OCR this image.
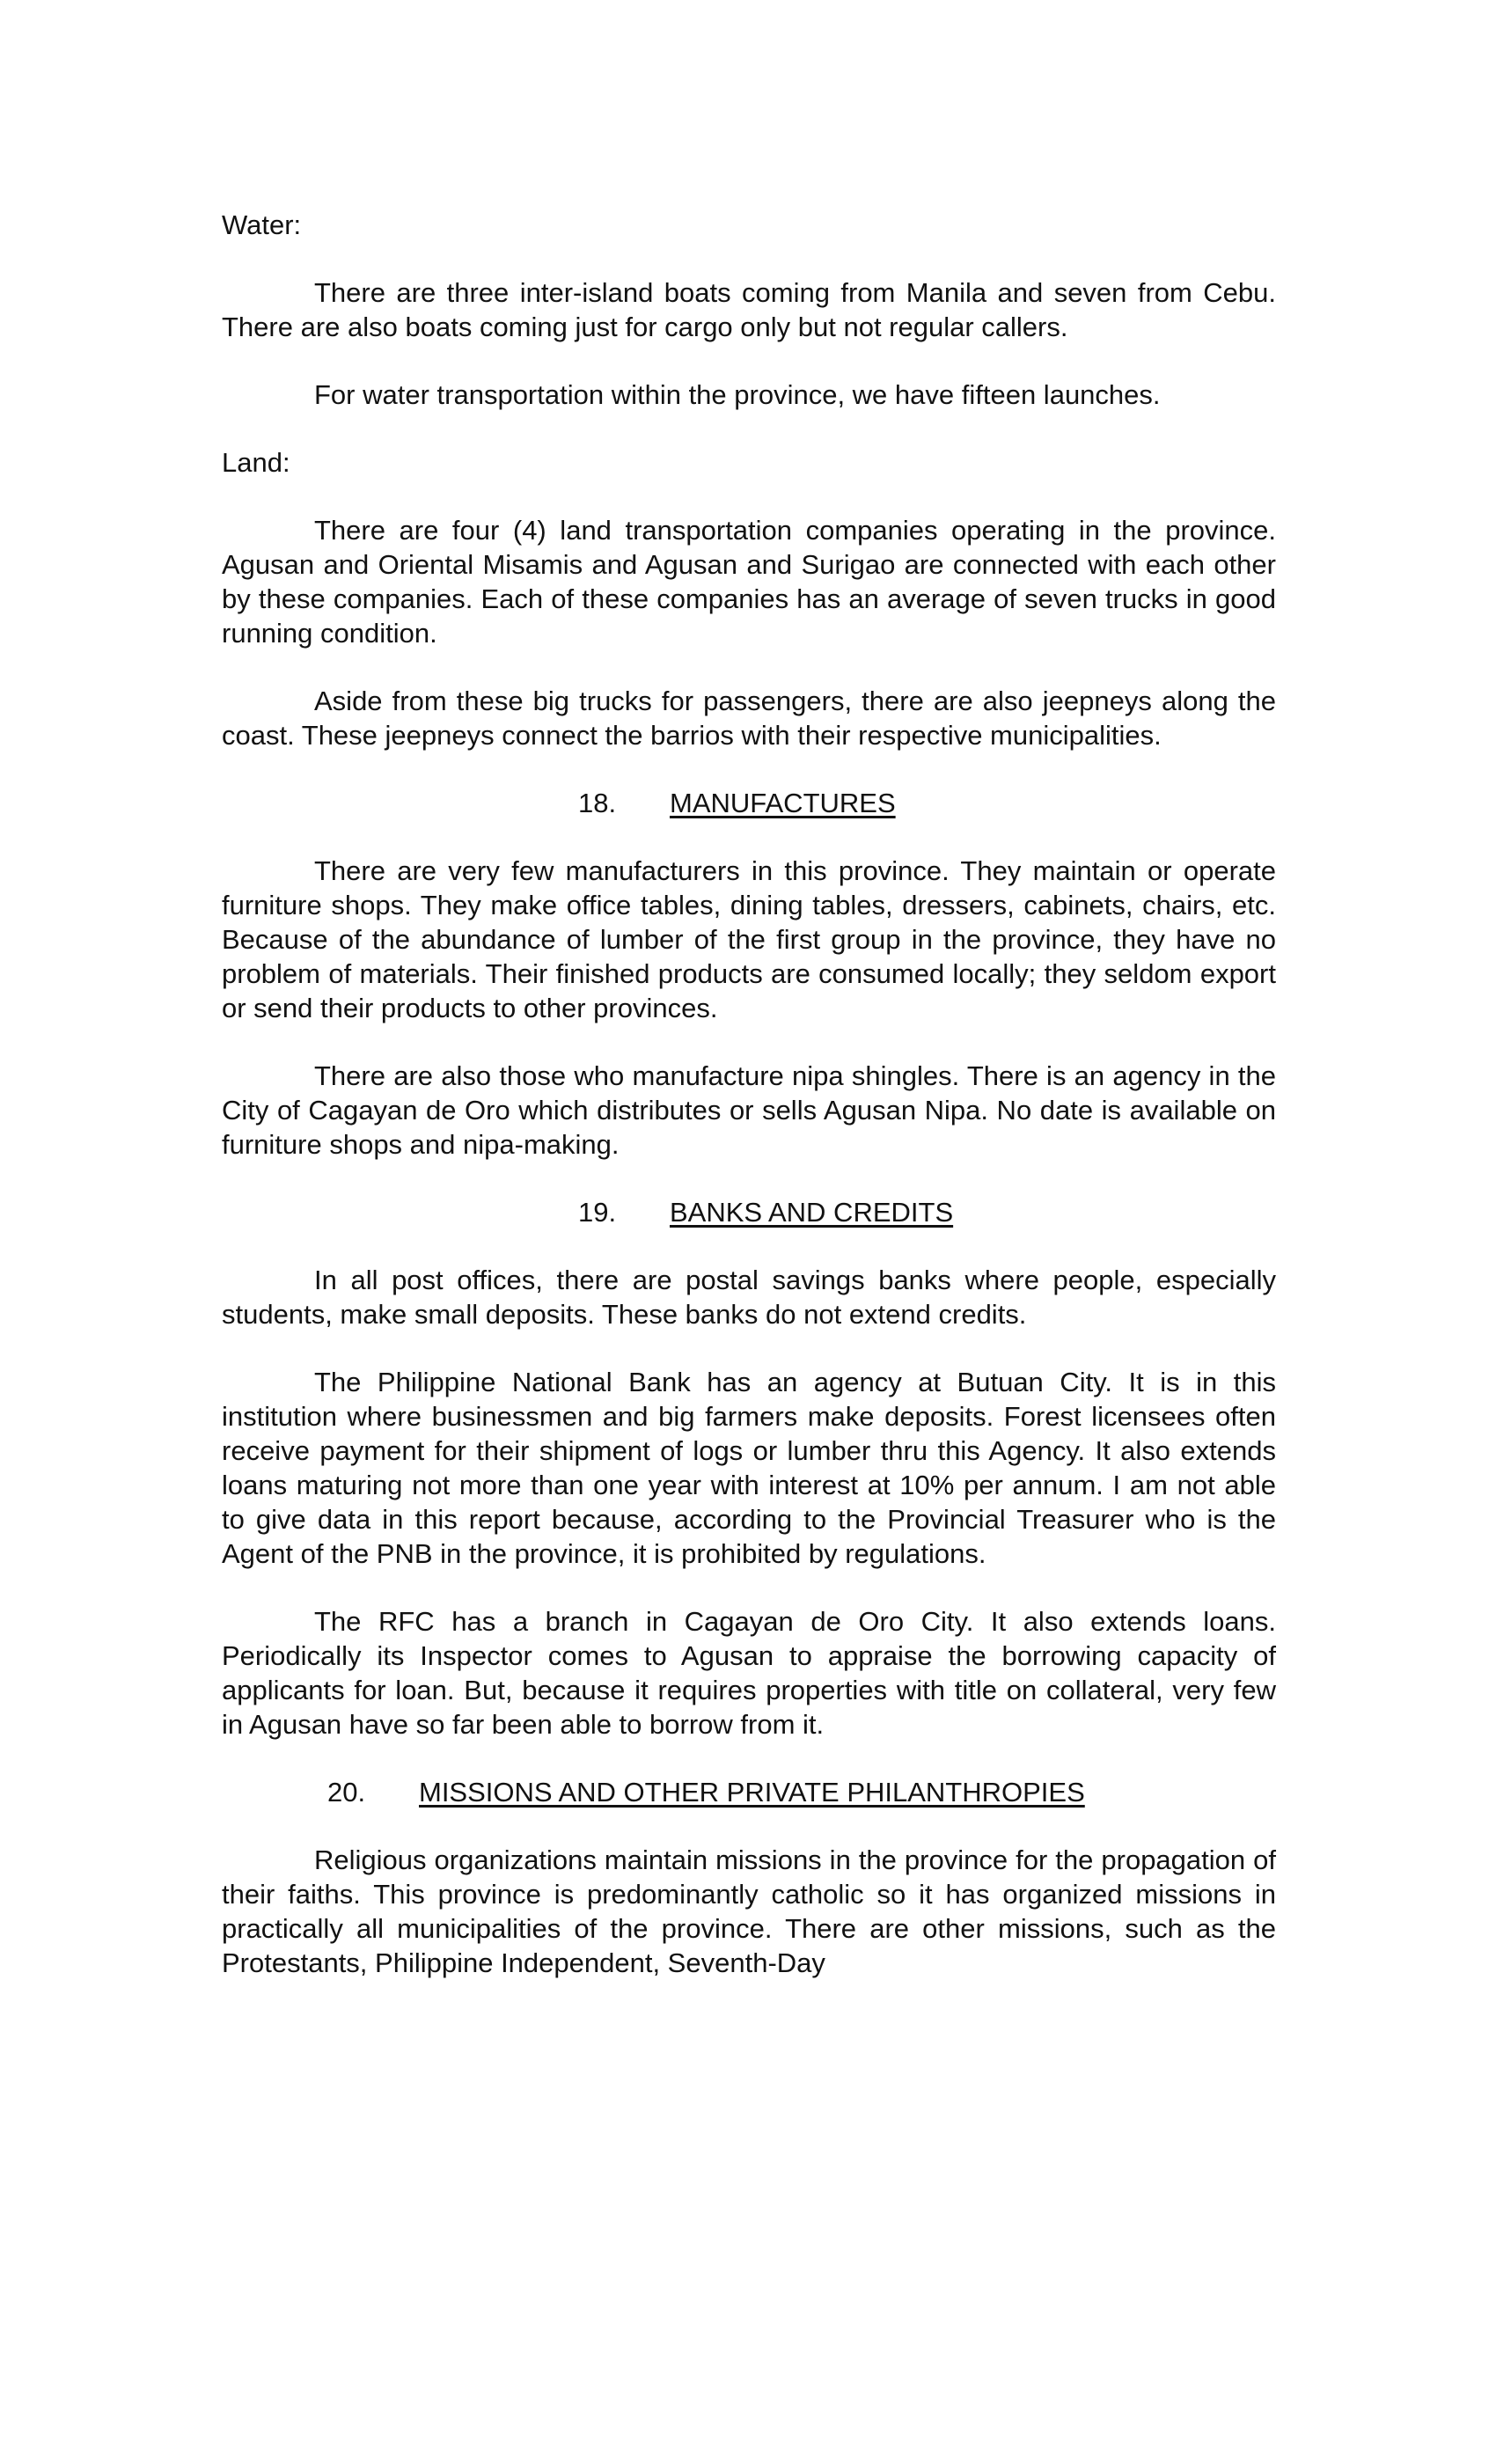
Water:

There are three inter-island boats coming from Manila and seven from Cebu. There are also boats coming just for cargo only but not regular callers.

For water transportation within the province, we have fifteen launches.

Land:

There are four (4) land transportation companies operating in the province. Agusan and Oriental Misamis and Agusan and Surigao are connected with each other by these companies. Each of these companies has an average of seven trucks in good running condition.

Aside from these big trucks for passengers, there are also jeepneys along the coast. These jeepneys connect the barrios with their respective municipalities.

18. MANUFACTURES

There are very few manufacturers in this province. They maintain or operate furniture shops. They make office tables, dining tables, dressers, cabinets, chairs, etc. Because of the abundance of lumber of the first group in the province, they have no problem of materials. Their finished products are consumed locally; they seldom export or send their products to other provinces.

There are also those who manufacture nipa shingles. There is an agency in the City of Cagayan de Oro which distributes or sells Agusan Nipa. No date is available on furniture shops and nipa-making.

19. BANKS AND CREDITS

In all post offices, there are postal savings banks where people, especially students, make small deposits. These banks do not extend credits.

The Philippine National Bank has an agency at Butuan City. It is in this institution where businessmen and big farmers make deposits. Forest licensees often receive payment for their shipment of logs or lumber thru this Agency. It also extends loans maturing not more than one year with interest at 10% per annum. I am not able to give data in this report because, according to the Provincial Treasurer who is the Agent of the PNB in the province, it is prohibited by regulations.

The RFC has a branch in Cagayan de Oro City. It also extends loans. Periodically its Inspector comes to Agusan to appraise the borrowing capacity of applicants for loan. But, because it requires properties with title on collateral, very few in Agusan have so far been able to borrow from it.

20. MISSIONS AND OTHER PRIVATE PHILANTHROPIES

Religious organizations maintain missions in the province for the propagation of their faiths. This province is predominantly catholic so it has organized missions in practically all municipalities of the province. There are other missions, such as the Protestants, Philippine Independent, Seventh-Day
